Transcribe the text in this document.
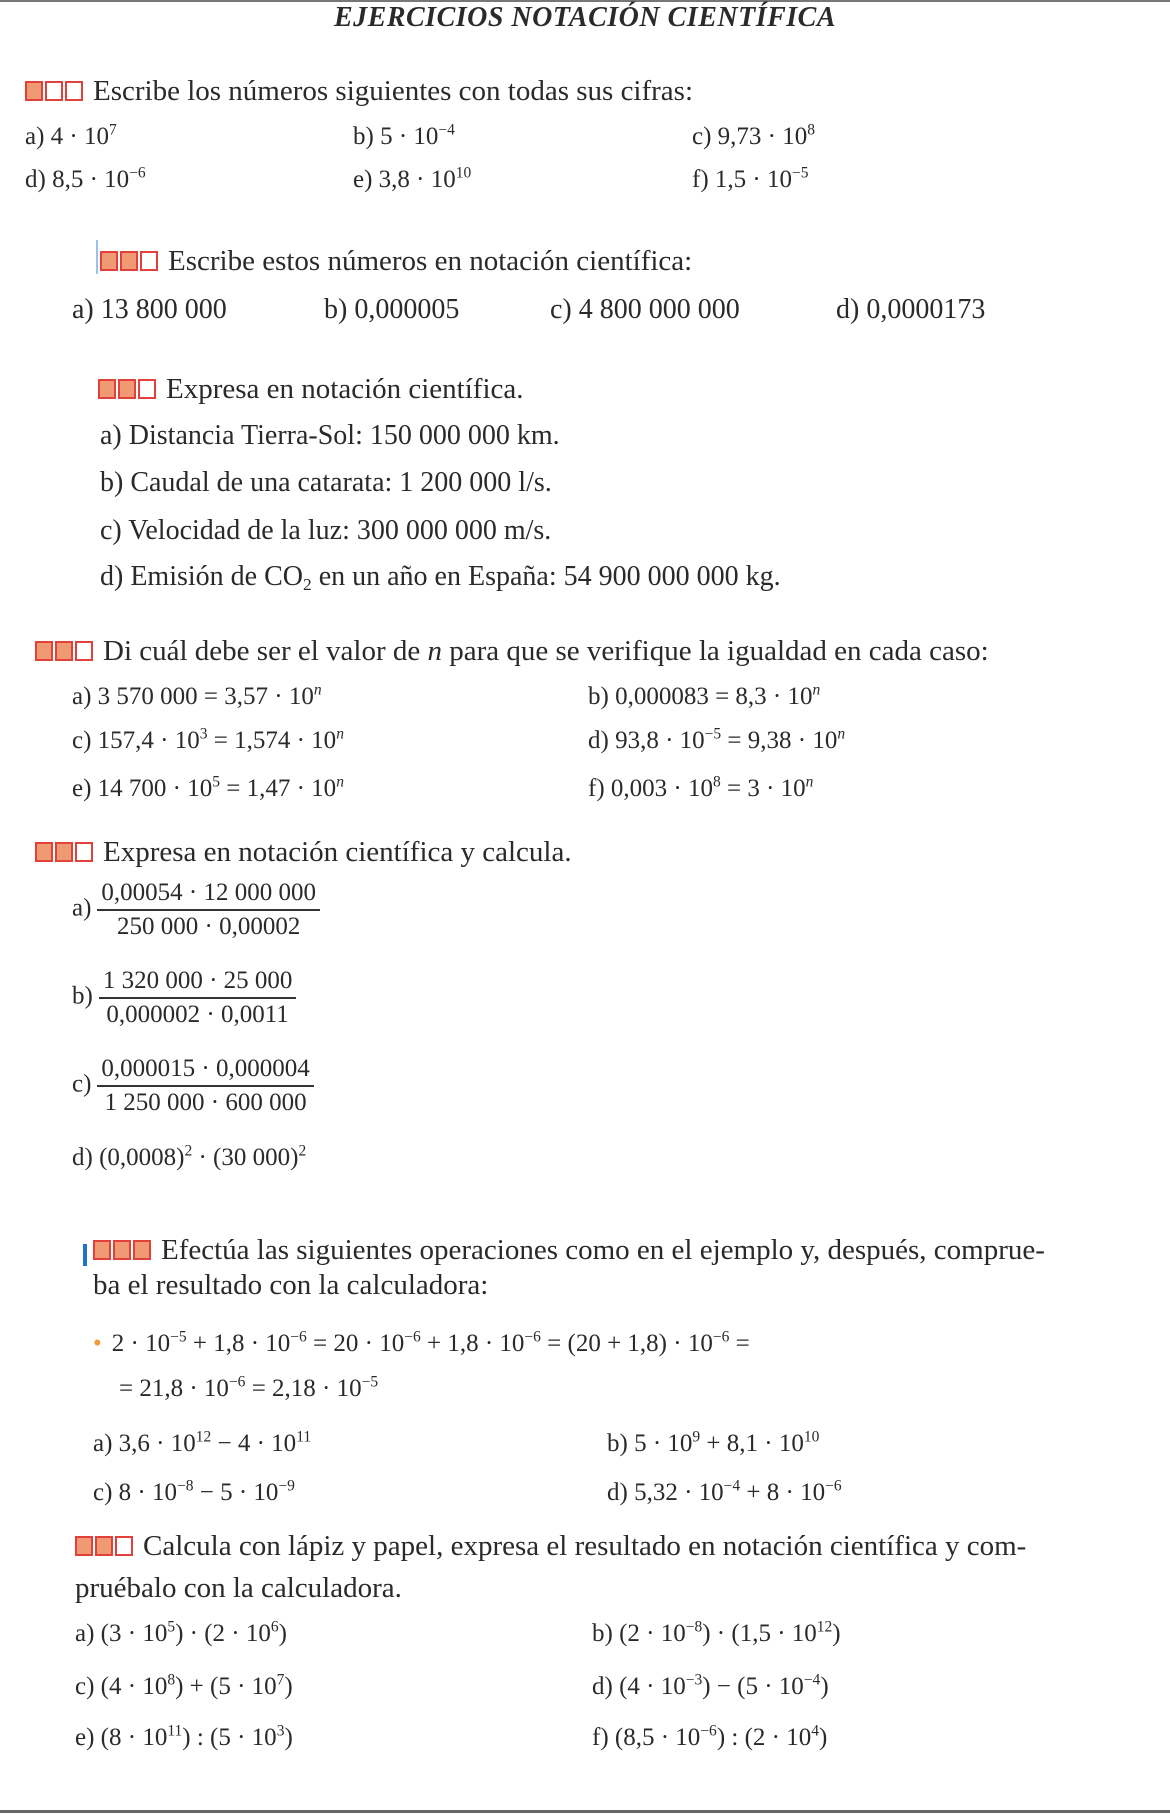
EJERCICIOS NOTACIÓN CIENTÍFICA
Escribe los números siguientes con todas sus cifras:
a) $4 \cdot 10^7$	b) $5 \cdot 10^{-4}$	c) $9,73 \cdot 10^8$
d) $8,5 \cdot 10^{-6}$	e) $3,8 \cdot 10^{10}$	f) $1,5 \cdot 10^{-5}$
Escribe estos números en notación científica:
a) 13 800 000	b) 0,000005	c) 4 800 000 000	d) 0,0000173
Expresa en notación científica.
a) Distancia Tierra-Sol: 150 000 000 km.
b) Caudal de una catarata: 1 200 000 l/s.
c) Velocidad de la luz: 300 000 000 m/s.
d) Emisión de $CO_2$ en un año en España: 54 900 000 000 kg.
Di cuál debe ser el valor de n para que se verifique la igualdad en cada caso:
a) 3 570 $000 = 3,57 \cdot 10^n$	b) $0,000083 = 8,3 \cdot 10^n$
c) $157,4 \cdot 10^3 = 1,574 \cdot 10^n$	d) $93,8 \cdot 10^{-5} = 9,38 \cdot 10^n$
e) 14 $700 \cdot 10^5 = 1,47 \cdot 10^n$	f) $0,003 \cdot 10^8 = 3 \cdot 10^n$
Expresa en notación científica y calcula.
$a) \frac{0,00054 \cdot 12 000 000}{250 000 \cdot 0,00002}$
$b) \frac{1 320 000 \cdot 25 000}{0,000002 \cdot 0,0011}$
$c) \frac{0,000015 \cdot 0,000004}{1 250 000 \cdot 600 000}$
d) $(0,0008)^2 \cdot (30$ 000)$^2$
Efectúa las siguientes operaciones como en el ejemplo y, después, comprue-
ba el resultado con la calculadora:
• $2 \cdot 10^{-5} + 1,8 \cdot 10^{-6} = 20 \cdot 10^{-6} + 1,8 \cdot 10^{-6} = (20 + 1,8) \cdot 10^{-6}$ =
= $21,8 \cdot 10^{-6} = 2,18 \cdot 10^{-5}$
a) $3,6 \cdot 10^{12} - 4 \cdot 10^{11}$	b) $5 \cdot 10^9 + 8,1 \cdot 10^{10}$
c) $8 \cdot 10^{-8} - 5 \cdot 10^{-9}$	d) $5,32 \cdot 10^{-4} + 8 \cdot 10^{-6}$
Calcula con lápiz y papel, expresa el resultado en notación científica y com-
pruébalo con la calculadora.
a) $(3 \cdot 10^5) \cdot (2 \cdot 10^6)$	b) $(2 \cdot 10^{-8}) \cdot (1,5 \cdot 10^{12})$
c) $(4 \cdot 10^8) + (5 \cdot 10^7)$	d) $(4 \cdot 10^{-3}) - (5 \cdot 10^{-4})$
e) $(8 \cdot 10^{11})$ : $(5 \cdot 10^3)$	f) $(8,5 \cdot 10^{-6})$ : $(2 \cdot 10^4)$
